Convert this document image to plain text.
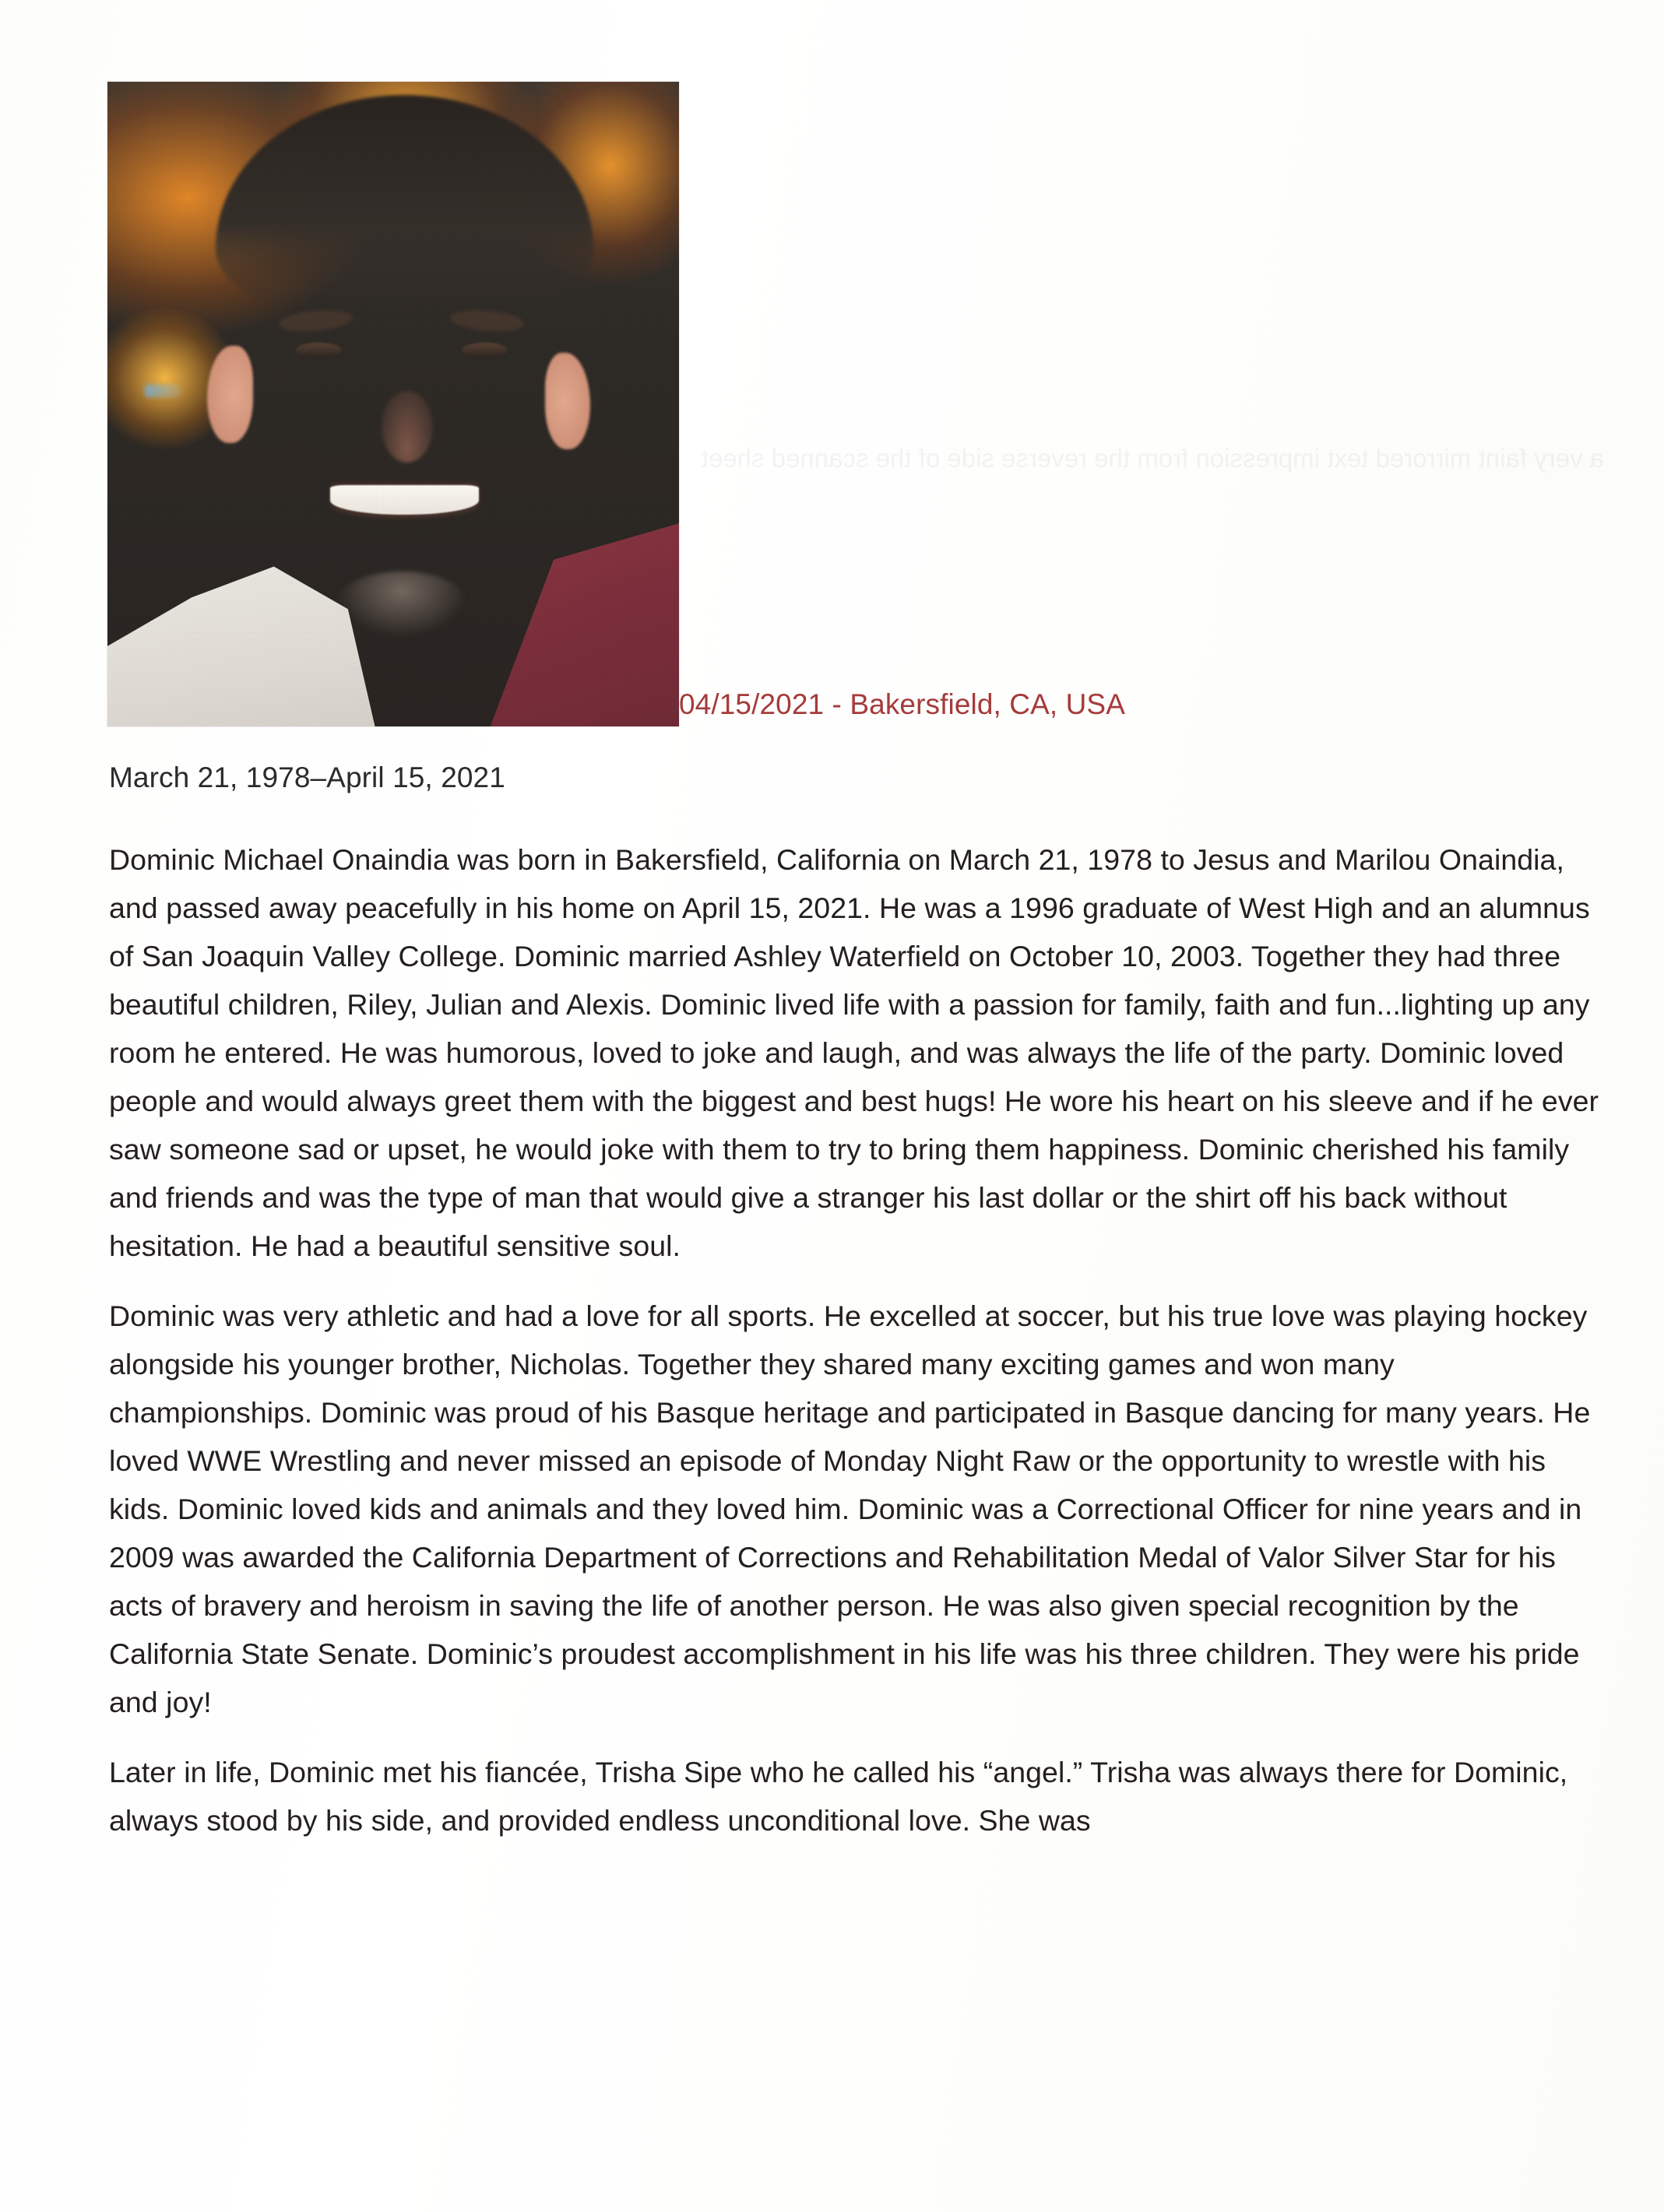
a very faint mirrored text impression from the reverse side of the scanned sheet
04/15/2021 - Bakersfield, CA, USA
March 21, 1978–April 15, 2021

Dominic Michael Onaindia was born in Bakersfield, California on March 21, 1978 to Jesus and Marilou Onaindia, and passed away peacefully in his home on April 15, 2021. He was a 1996 graduate of West High and an alumnus of San Joaquin Valley College. Dominic married Ashley Waterfield on October 10, 2003. Together they had three beautiful children, Riley, Julian and Alexis. Dominic lived life with a passion for family, faith and fun...lighting up any room he entered. He was humorous, loved to joke and laugh, and was always the life of the party. Dominic loved people and would always greet them with the biggest and best hugs! He wore his heart on his sleeve and if he ever saw someone sad or upset, he would joke with them to try to bring them happiness. Dominic cherished his family and friends and was the type of man that would give a stranger his last dollar or the shirt off his back without hesitation. He had a beautiful sensitive soul.

Dominic was very athletic and had a love for all sports. He excelled at soccer, but his true love was playing hockey alongside his younger brother, Nicholas. Together they shared many exciting games and won many championships. Dominic was proud of his Basque heritage and participated in Basque dancing for many years. He loved WWE Wrestling and never missed an episode of Monday Night Raw or the opportunity to wrestle with his kids. Dominic loved kids and animals and they loved him. Dominic was a Correctional Officer for nine years and in 2009 was awarded the California Department of Corrections and Rehabilitation Medal of Valor Silver Star for his acts of bravery and heroism in saving the life of another person. He was also given special recognition by the California State Senate. Dominic’s proudest accomplishment in his life was his three children. They were his pride and joy!

Later in life, Dominic met his fiancée, Trisha Sipe who he called his “angel.” Trisha was always there for Dominic, always stood by his side, and provided endless unconditional love. She was
